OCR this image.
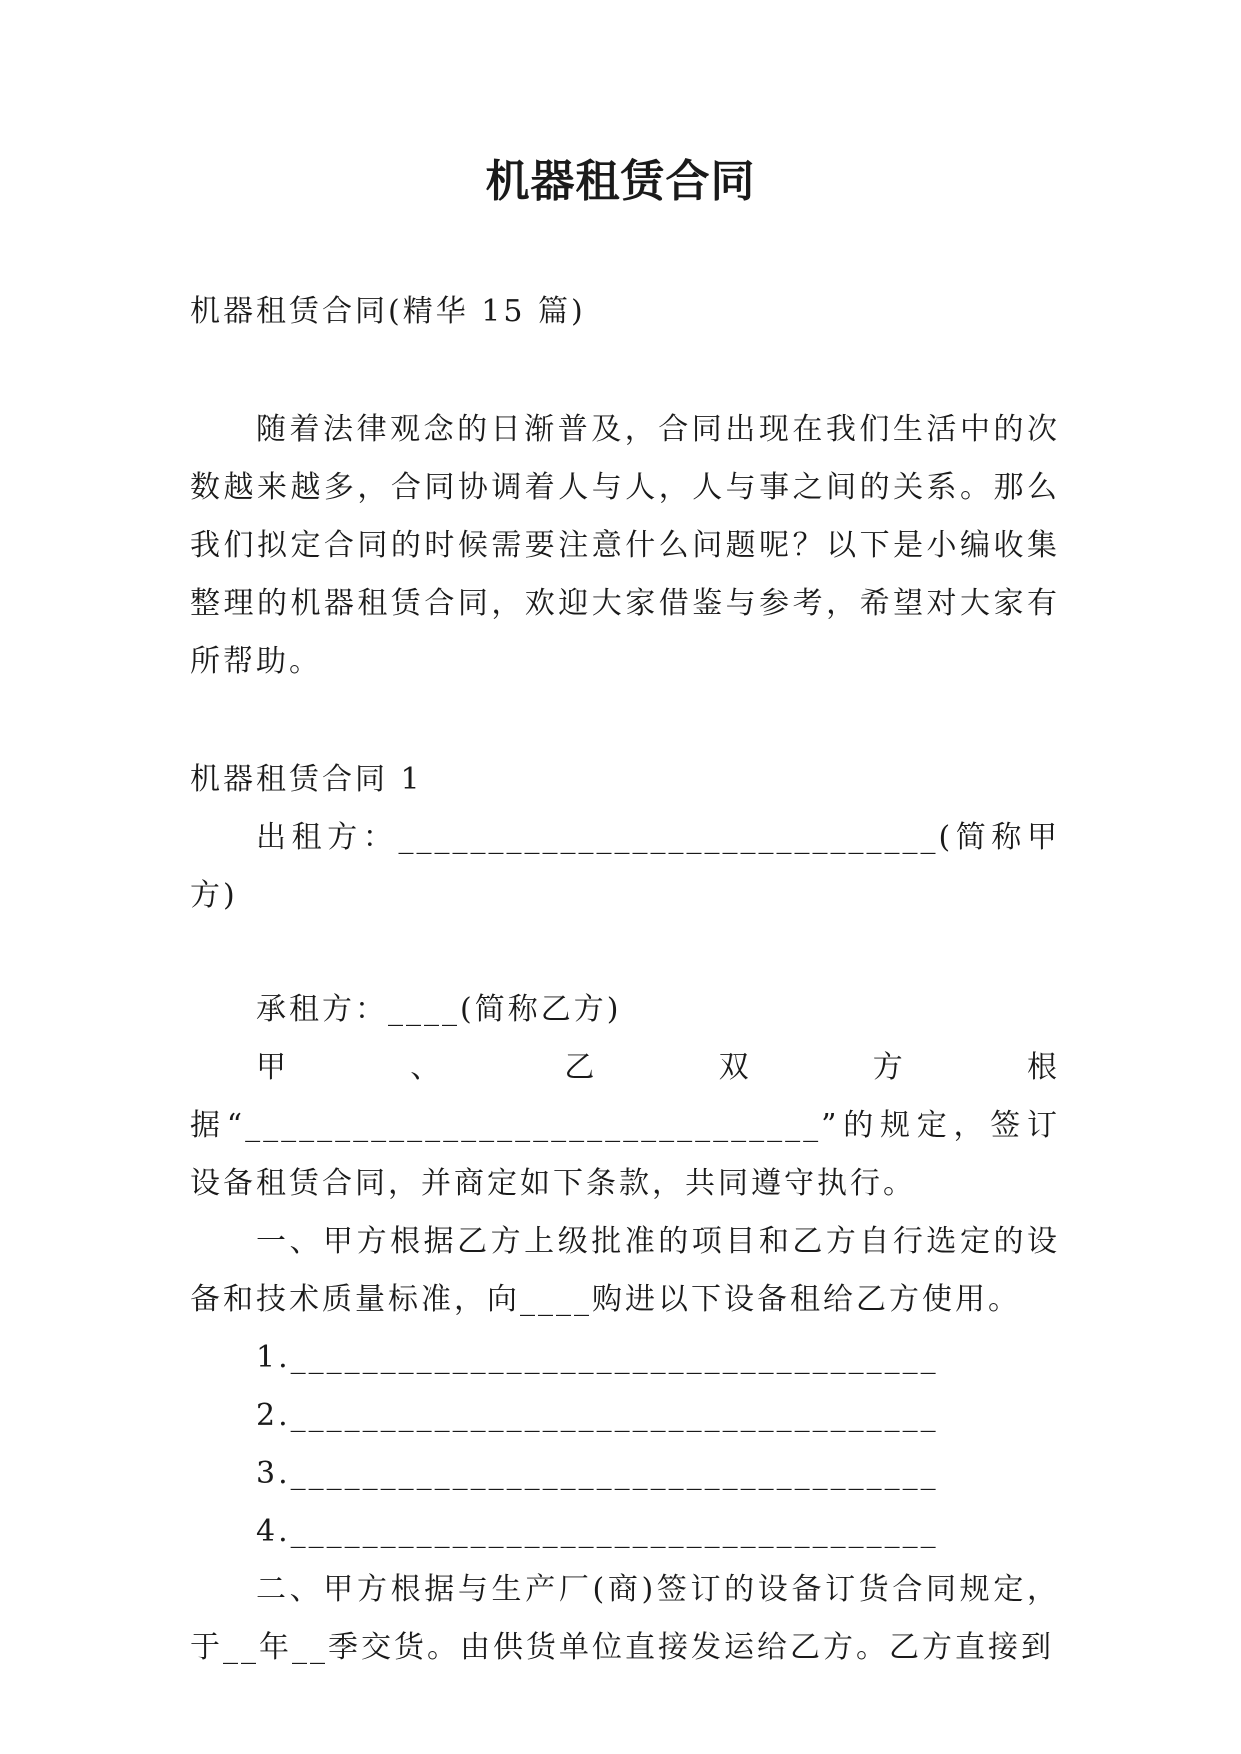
机器租赁合同

机器租赁合同(精华 15 篇)

随着法律观念的日渐普及，合同出现在我们生活中的次数越来越多，合同协调着人与人，人与事之间的关系。那么我们拟定合同的时候需要注意什么问题呢？以下是小编收集整理的机器租赁合同，欢迎大家借鉴与参考，希望对大家有所帮助。

机器租赁合同 1

出租方：______________________________(简称甲方)

承租方：____(简称乙方)

甲、乙双方根据“________________________________”的规定，签订设备租赁合同，并商定如下条款，共同遵守执行。

一、甲方根据乙方上级批准的项目和乙方自行选定的设备和技术质量标准，向____购进以下设备租给乙方使用。

1.____________________________________

2.____________________________________

3.____________________________________

4.____________________________________

二、甲方根据与生产厂(商)签订的设备订货合同规定，于__年__季交货。由供货单位直接发运给乙方。乙方直接到
